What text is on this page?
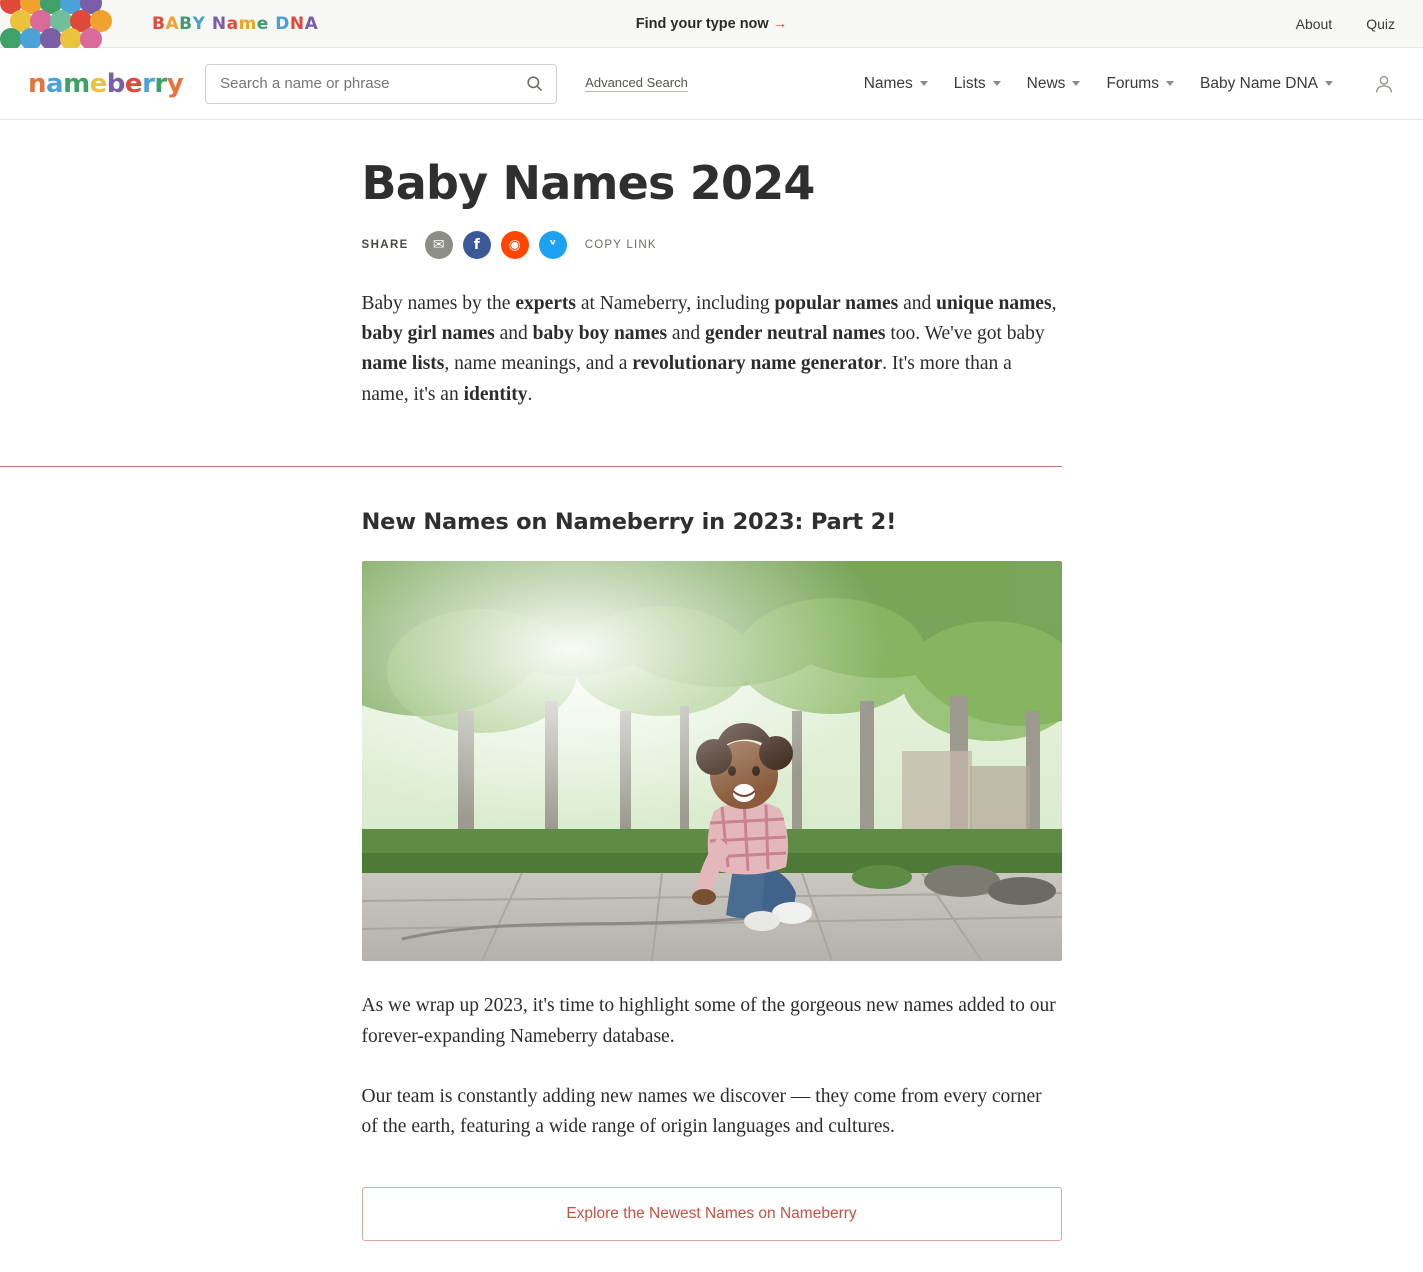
BABY Name DNA	Find your type now →	About Quiz
nameberry
Search a name or phrase	Advanced Search	Names	Lists	News	Forums	Baby Name DNA
Baby Names 2024
SHARE	✉	f	◉	ᵛ	COPY LINK

Baby names by the experts at Nameberry, including popular names and unique names, baby girl names and baby boy names and gender neutral names too. We've got baby name lists, name meanings, and a revolutionary name generator. It's more than a name, it's an identity.

New Names on Nameberry in 2023: Part 2!

As we wrap up 2023, it's time to highlight some of the gorgeous new names added to our forever-expanding Nameberry database.

Our team is constantly adding new names we discover — they come from every corner of the earth, featuring a wide range of origin languages and cultures.

Explore the Newest Names on Nameberry
